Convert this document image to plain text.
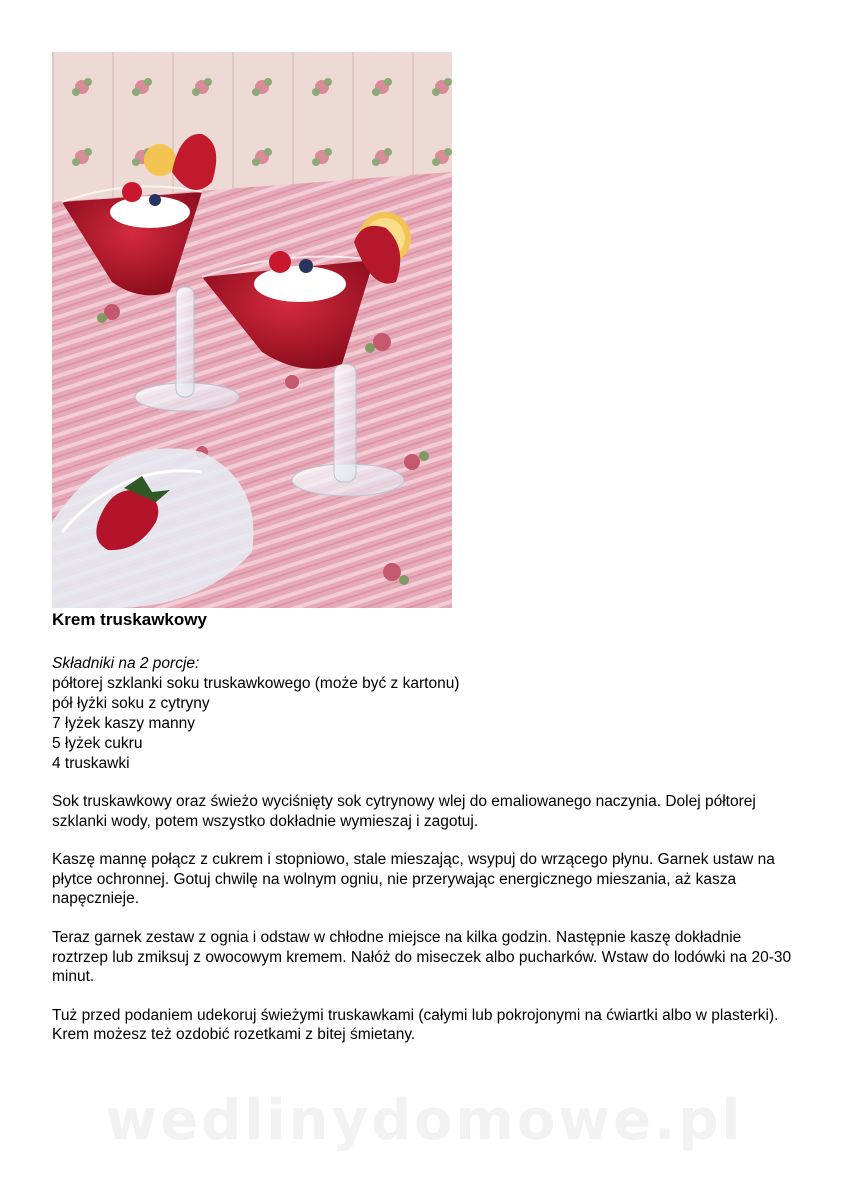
Krem truskawkowy
Składniki na 2 porcje:
półtorej szklanki soku truskawkowego (może być z kartonu)
pół łyżki soku z cytryny
7 łyżek kaszy manny
5 łyżek cukru
4 truskawki

Sok truskawkowy oraz świeżo wyciśnięty sok cytrynowy wlej do emaliowanego naczynia. Dolej półtorej szklanki wody, potem wszystko dokładnie wymieszaj i zagotuj.

Kaszę mannę połącz z cukrem i stopniowo, stale mieszając, wsypuj do wrzącego płynu. Garnek ustaw na płytce ochronnej. Gotuj chwilę na wolnym ogniu, nie przerywając energicznego mieszania, aż kasza napęcznieje.

Teraz garnek zestaw z ognia i odstaw w chłodne miejsce na kilka godzin. Następnie kaszę dokładnie roztrzep lub zmiksuj z owocowym kremem. Nałóż do miseczek albo pucharków. Wstaw do lodówki na 20-30 minut.

Tuż przed podaniem udekoruj świeżymi truskawkami (całymi lub pokrojonymi na ćwiartki albo w plasterki). Krem możesz też ozdobić rozetkami z bitej śmietany.

wedlinydomowe.pl
